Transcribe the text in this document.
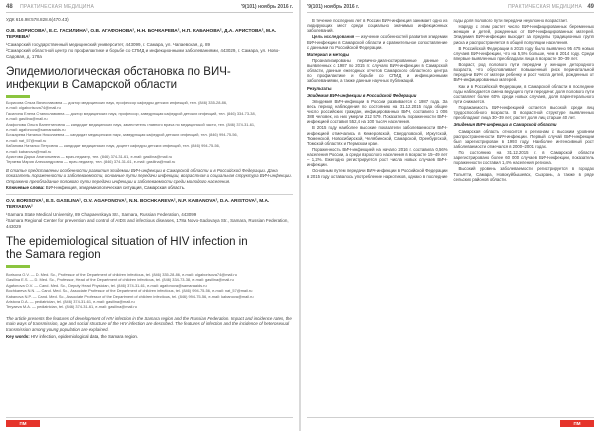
48 ПРАКТИЧЕСКАЯ МЕДИЦИНА	'9(101) ноябрь 2016 г.
УДК 616.98:578.828.6(470.43)
О.В. БОРИСОВА¹, Е.С. ГАСИЛИНА¹, О.В. АГАФОНОВА², Н.Н. БОЧКАРЕВА², Н.П. КАБАНОВА², Д.А. АРИСТОВА², М.А. ТЕРЯЕВА²
¹Самарский государственный медицинский университет, 443099, г. Самара, ул. Чапаевская, д. 89
²Самарский областной центр по профилактике и борьбе со СПИД и инфекционными заболеваниями, 443029, г. Самара, ул. Ново-Садовая, д. 178а
Эпидемиологическая обстановка по ВИЧ-инфекции в Самарской области
Борисова Ольга Вячеславовна — доктор медицинских наук, профессор кафедры детских инфекций, тел. (846) 335-28-86,
e-mail: olgaborisova74@mail.ru
Гасилина Елена Станиславовна — доктор медицинских наук, профессор, заведующая кафедрой детских инфекций, тел. (846) 334-73-38,
e-mail: gasilina@mail.ru
Агафонова Ольга Валентиновна — кандидат медицинских наук, заместитель главного врача по медицинской части, тел. (846) 374-31-61,
e-mail: agafonova@samaraaids.ru
Бочкарева Наталья Николаевна — кандидат медицинских наук, заведующая кафедрой детских инфекций, тел. (846) 994-75-56,
e-mail: nat_57@mail.ru
Кабанова Наталья Петровна — кандидат медицинских наук, доцент кафедры детских инфекций, тел. (846) 994-75-56,
e-mail: kabanova@mail.ru
Аристова Дарья Анатольевна — врач-педиатр, тел. (846) 374-31-61, e-mail: gasilina@mail.ru
Теряева Мария Александровна — врач-педиатр, тел. (846) 374-31-61, e-mail: gasilina@mail.ru
В статье представлены особенности развития эпидемии ВИЧ-инфекции в Самарской области и в Российской Федерации. Дана показатель пораженности и заболеваемости, основные пути передачи инфекции, возрастная и социальная структура ВИЧ-инфекции. Отражено преобладание полового пути передачи инфекции и заболеваемости среди молодого населения.
Ключевые слова: ВИЧ-инфекция, эпидемиологическая ситуация, Самарская область.
O.V. BORISOVA¹, E.S. GASILINA¹, O.V. AGAFONOVA², N.N. BOCHKAREVA², N.P. KABANOVA², D.A. ARISTOVA², M.A. TERYAEVA²
¹Samara State Medical University, 89 Chapaevskaya Str., Samara, Russian Federation, 443099
²Samara Regional Center for prevention and control of AIDS and infectious diseases, 178a Novo-Sadovaya Str., Samara, Russian Federation, 443029
The epidemiological situation of HIV infection in the Samara region
Borisova O.V. — D. Med. Sc., Professor of the Department of children infectious, tel. (846) 335-28-86, e-mail: olgaborisova74@mail.ru
Gasilina E.S. — D. Med. Sc., Professor, Head of the Department of children infectious, tel. (846) 334-73-38, e-mail: gasilina@mail.ru
Agafonova O.V. — Cand. Med. Sc., Deputy Head Physician, tel. (846) 374-31-61, e-mail: agafonova@samaraaids.ru
Bochkareva N.N. — Cand. Med. Sc., Associate Professor of the Department of children infectious, tel. (846) 994-75-56, e-mail: nat_57@mail.ru
Kabanova N.P. — Cand. Med. Sc., Associate Professor of the Department of children infectious, tel. (846) 994-75-56, e-mail: kabanova@mail.ru
Aristova D.A. — pediatrician, tel. (846) 374-31-61, e-mail: gasilina@mail.ru
Teryaeva M.A. — pediatrician, tel. (846) 374-31-61, e-mail: gasilina@mail.ru
The article presents the features of development of HIV infection in the Samara region and the Russian Federation. Impact and incidence rates, the main ways of transmission, age and social structure of the HIV infection are described. The features of infection and the incidence of heterosexual transmission among young population are explained.
Key words: HIV infection, epidemiological data, the Samara region.
ПМ
'9(101) ноябрь 2016 г.	ПРАКТИЧЕСКАЯ МЕДИЦИНА 49

В течение последних лет в России ВИЧ-инфекция занимает одно из лидирующих мест среди социально значимых инфекционных заболеваний.

Цель исследования — изучение особенностей развития эпидемии ВИЧ-инфекции в Самарской области и сравнительное сопоставление с данными по Российской Федерации.

Материал и методы

Проанализированы первично-диагностированные данные о выявленных с 1987 по 2015 гг. случаях ВИЧ-инфекции в Самарской области, данные ежегодных отчетов Самарского областного центра по профилактике и борьбе со СПИД и инфекционными заболеваниями, а также данные научных публикаций.

Результаты

Эпидемия ВИЧ-инфекции в Российской Федерации

Эпидемия ВИЧ-инфекции в России развивается с 1987 года. За весь период наблюдения по состоянию на 31.12.2015 года общее число российских граждан, инфицированных ВИЧ, составило 1 006 388 человек, из них умерли 212 579. Показатель пораженности ВИЧ-инфекцией составил 552,4 на 100 тысяч населения.

В 2015 году наиболее высокие показатели заболеваемости ВИЧ-инфекцией отмечались в Кемеровской, Свердловской, Иркутской, Тюменской, Новосибирской, Челябинской, Самарской, Оренбургской, Томской областях и Пермском крае.

Пораженность ВИЧ-инфекцией на начало 2016 г. составила 0,56% населения России, а среди взрослого населения в возрасте 15–49 лет – 1,2%. Ежегодно регистрируется рост числа новых случаев ВИЧ-инфекции.

Основным путем передачи ВИЧ-инфекции в Российской Федерации в 2015 году оставалось употребление наркотиков, однако в последние годы доля полового пути передачи неуклонно возрастает.

Наряду с этим растет число ВИЧ-инфицированных беременных женщин и детей, рожденных от ВИЧ-инфицированных матерей. Эпидемия ВИЧ-инфекции выходит за пределы традиционных групп риска и распространяется в общей популяции населения.

В Российской Федерации в 2015 году было выявлено 95 475 новых случаев ВИЧ-инфекции, что на 5,5% больше, чем в 2014 году. Среди впервые выявленных преобладали лица в возрасте 30–39 лет.

Возраст, род полового пути передачи у женщин детородного возраста, что обусловливает повышенный риск перинатальной передачи ВИЧ от матери ребенку и рост числа детей, рожденных от ВИЧ-инфицированных матерей.

Как и в Российской Федерации, в Самарской области в последние годы наблюдается смена ведущего пути передачи: доля полового пути составляет более 60% среди новых случаев, доля парентерального пути снижается.

Поражаемость ВИЧ-инфекцией остается высокой среди лиц трудоспособного возраста. В возрастной структуре выявленных преобладают лица 30–39 лет, растет доля лиц старше 40 лет.

Эпидемия ВИЧ-инфекции в Самарской области

Самарская область относится к регионам с высоким уровнем распространенности ВИЧ-инфекции. Первый случай ВИЧ-инфекции был зарегистрирован в 1993 году. Наиболее интенсивный рост заболеваемости отмечался в 2000–2001 годах.

По состоянию на 31.12.2015 г. в Самарской области зарегистрировано более 60 000 случаев ВИЧ-инфекции, показатель пораженности составил 1,4% населения региона.

Высокий уровень заболеваемости регистрируется в городах Тольятти, Самара, Новокуйбышевск, Сызрань, а также в ряде сельских районов области.

ПМ
